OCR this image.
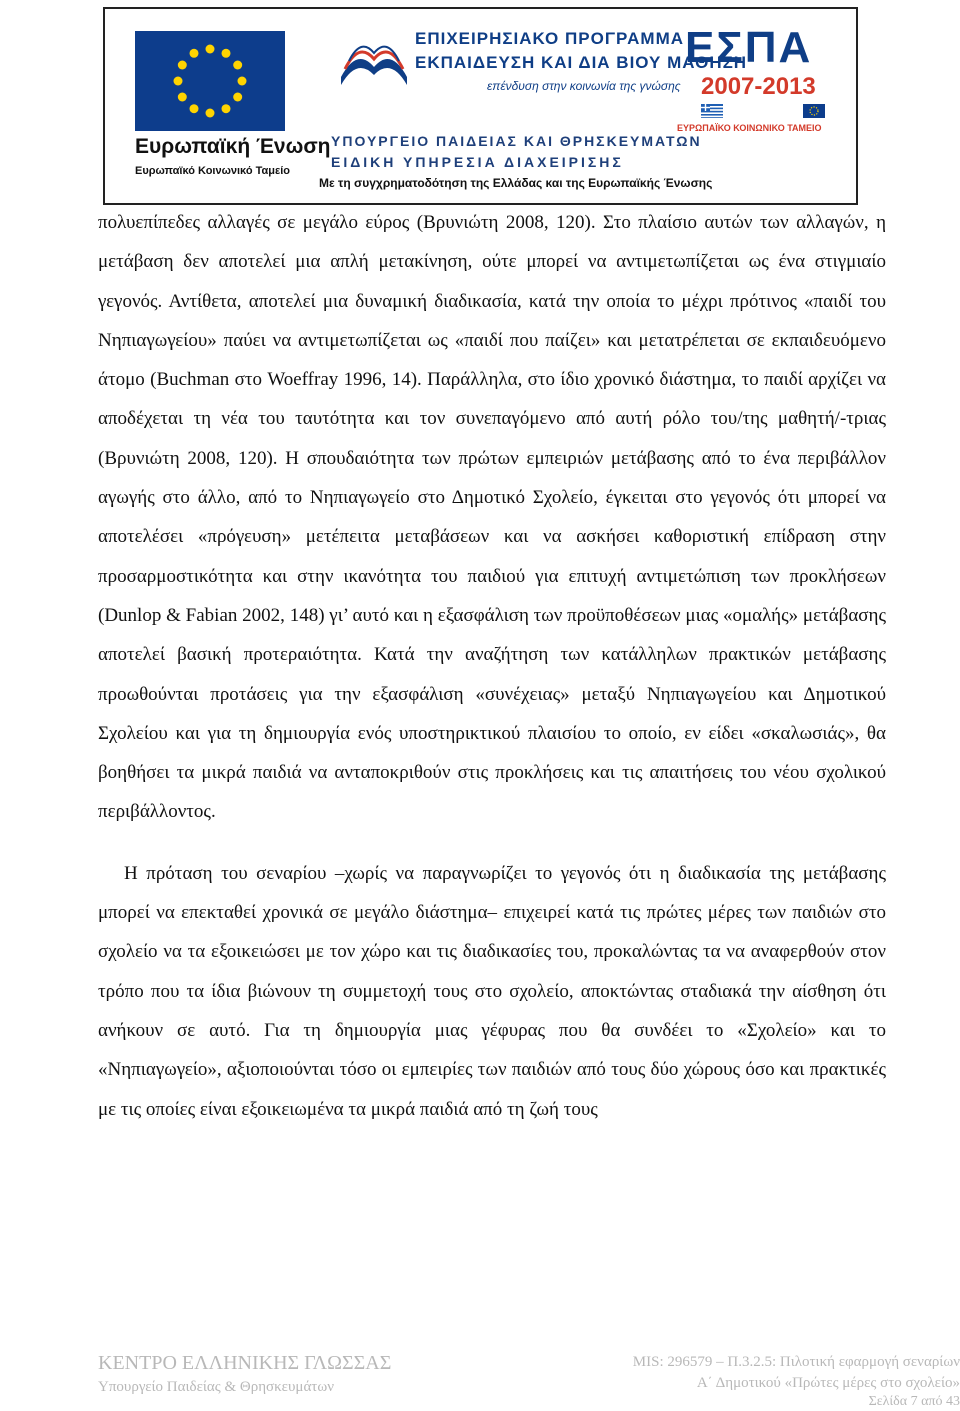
Ευρωπαϊκή Ένωση
Ευρωπαϊκό Κοινωνικό Ταμείο
ΕΠΙΧΕΙΡΗΣΙΑΚΟ ΠΡΟΓΡΑΜΜΑ
ΕΚΠΑΙΔΕΥΣΗ ΚΑΙ ΔΙΑ ΒΙΟΥ ΜΑΘΗΣΗ
επένδυση στην κοινωνία της γνώσης
ΕΣΠΑ
2007-2013
ΕΥΡΩΠΑΪΚΟ ΚΟΙΝΩΝΙΚΟ ΤΑΜΕΙΟ
ΥΠΟΥΡΓΕΙΟ ΠΑΙΔΕΙΑΣ ΚΑΙ ΘΡΗΣΚΕΥΜΑΤΩΝ
ΕΙΔΙΚΗ ΥΠΗΡΕΣΙΑ ΔΙΑΧΕΙΡΙΣΗΣ
Με τη συγχρηματοδότηση της Ελλάδας και της Ευρωπαϊκής Ένωσης

πολυεπίπεδες αλλαγές σε μεγάλο εύρος (Βρυνιώτη 2008, 120). Στο πλαίσιο αυτών των αλλαγών, η μετάβαση δεν αποτελεί μια απλή μετακίνηση, ούτε μπορεί να αντιμετωπίζεται ως ένα στιγμιαίο γεγονός. Αντίθετα, αποτελεί μια δυναμική διαδικασία, κατά την οποία το μέχρι πρότινος «παιδί του Νηπιαγωγείου» παύει να αντιμετωπίζεται ως «παιδί που παίζει» και μετατρέπεται σε εκπαιδευόμενο άτομο (Buchman στο Woeffray 1996, 14). Παράλληλα, στο ίδιο χρονικό διάστημα, το παιδί αρχίζει να αποδέχεται τη νέα του ταυτότητα και τον συνεπαγόμενο από αυτή ρόλο του/της μαθητή/-τριας (Βρυνιώτη 2008, 120). Η σπουδαιότητα των πρώτων εμπειριών μετάβασης από το ένα περιβάλλον αγωγής στο άλλο, από το Νηπιαγωγείο στο Δημοτικό Σχολείο, έγκειται στο γεγονός ότι μπορεί να αποτελέσει «πρόγευση» μετέπειτα μεταβάσεων και να ασκήσει καθοριστική επίδραση στην προσαρμοστικότητα και στην ικανότητα του παιδιού για επιτυχή αντιμετώπιση των προκλήσεων (Dunlop & Fabian 2002, 148) γι’ αυτό και η εξασφάλιση των προϋποθέσεων μιας «ομαλής» μετάβασης αποτελεί βασική προτεραιότητα. Κατά την αναζήτηση των κατάλληλων πρακτικών μετάβασης προωθούνται προτάσεις για την εξασφάλιση «συνέχειας» μεταξύ Νηπιαγωγείου και Δημοτικού Σχολείου και για τη δημιουργία ενός υποστηρικτικού πλαισίου το οποίο, εν είδει «σκαλωσιάς», θα βοηθήσει τα μικρά παιδιά να ανταποκριθούν στις προκλήσεις και τις απαιτήσεις του νέου σχολικού περιβάλλοντος.

Η πρόταση του σεναρίου –χωρίς να παραγνωρίζει το γεγονός ότι η διαδικασία της μετάβασης μπορεί να επεκταθεί χρονικά σε μεγάλο διάστημα– επιχειρεί κατά τις πρώτες μέρες των παιδιών στο σχολείο να τα εξοικειώσει με τον χώρο και τις διαδικασίες του, προκαλώντας τα να αναφερθούν στον τρόπο που τα ίδια βιώνουν τη συμμετοχή τους στο σχολείο, αποκτώντας σταδιακά την αίσθηση ότι ανήκουν σε αυτό. Για τη δημιουργία μιας γέφυρας που θα συνδέει το «Σχολείο» και το «Νηπιαγωγείο», αξιοποιούνται τόσο οι εμπειρίες των παιδιών από τους δύο χώρους όσο και πρακτικές με τις οποίες είναι εξοικειωμένα τα μικρά παιδιά από τη ζωή τους

ΚΕΝΤΡΟ ΕΛΛΗΝΙΚΗΣ ΓΛΩΣΣΑΣ
Υπουργείο Παιδείας & Θρησκευμάτων
MIS: 296579 – Π.3.2.5: Πιλοτική εφαρμογή σεναρίων
Α΄ Δημοτικού «Πρώτες μέρες στο σχολείο»
Σελίδα 7 από 43
